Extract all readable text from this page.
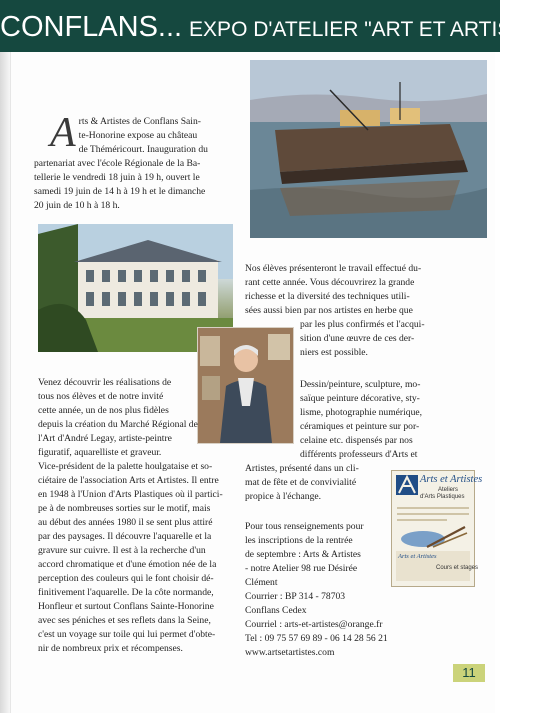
CONFLANS... EXPO D'ATELIER "ART ET ARTISTES"
A rts & Artistes de Conflans Sain-

te-Honorine expose au château

de Théméricourt. Inauguration du

partenariat avec l'école Régionale de la Ba-

tellerie le vendredi 18 juin à 19 h, ouvert le

samedi 19 juin de 14 h à 19 h et le dimanche

20 juin de 10 h à 18 h.

Nos élèves présenteront le travail effectué du-

rant cette année. Vous découvrirez la grande

richesse et la diversité des techniques utili-

sées aussi bien par nos artistes en herbe que

par les plus confirmés et l'acqui-

sition d'une œuvre de ces der-

niers est possible.

Dessin/peinture, sculpture, mo-

saïque peinture décorative, sty-

lisme, photographie numérique,

céramiques et peinture sur por-

celaine etc. dispensés par nos

différents professeurs d'Arts et

Artistes, présenté dans un cli-

mat de fête et de convivialité

propice à l'échange.

Venez découvrir les réalisations de

tous nos élèves et de notre invité

cette année, un de nos plus fidèles

depuis la création du Marché Régional de

l'Art d'André Legay, artiste-peintre

figuratif, aquarelliste et graveur.

Vice-président de la palette houlgataise et so-

ciétaire de l'association Arts et Artistes. Il entre

en 1948 à l'Union d'Arts Plastiques où il partici-

pe à de nombreuses sorties sur le motif, mais

au début des années 1980 il se sent plus attiré

par des paysages. Il découvre l'aquarelle et la

gravure sur cuivre. Il est à la recherche d'un

accord chromatique et d'une émotion née de la

perception des couleurs qui le font choisir dé-

finitivement l'aquarelle. De la côte normande,

Honfleur et surtout Conflans Sainte-Honorine

avec ses péniches et ses reflets dans la Seine,

c'est un voyage sur toile qui lui permet d'obte-

nir de nombreux prix et récompenses.

Arts et Artistes
Ateliers
d'Arts Plastiques
Arts et Artistes
Cours et stages

Pour tous renseignements pour

les inscriptions de la rentrée

de septembre : Arts & Artistes

- notre Atelier 98 rue Désirée

Clément

Courrier : BP 314 - 78703

Conflans Cedex

Courriel : arts-et-artistes@orange.fr

Tel : 09 75 57 69 89 - 06 14 28 56 21

www.artsetartistes.com

11
